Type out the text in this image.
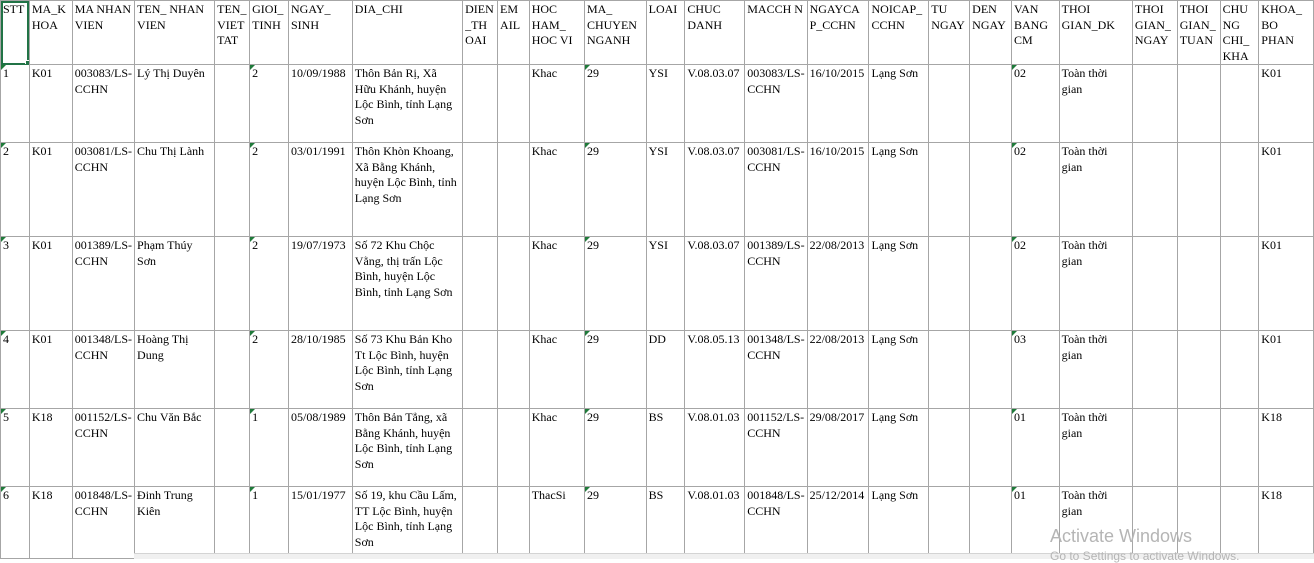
STT	MA_K HOA	MA NHAN VIEN	TEN_ NHAN VIEN	TEN_ VIET TAT	GIOI_ TINH	NGAY_ SINH	DIA_CHI	DIEN _TH OAI	EM AIL	HOC HAM_ HOC VI	MA_ CHUYEN NGANH	LOAI	CHUC DANH	MACCH N	NGAYCA P_CCHN	NOICAP_ CCHN	TU NGAY	DEN NGAY	VAN BANG CM	THOI GIAN_DK	THOI GIAN_ NGAY	THOI GIAN_ TUAN	CHU NG CHI_ KHA	KHOA_ BO PHAN
1	K01	003083/LS-CCHN	Lý Thị Duyên		2	10/09/1988	Thôn Bản Rị, Xã Hữu Khánh, huyện Lộc Bình, tỉnh Lạng Sơn			Khac	29	YSI	V.08.03.07	003083/LS-CCHN	16/10/2015	Lạng Sơn			02	Toàn thời gian				K01
2	K01	003081/LS-CCHN	Chu Thị Lành		2	03/01/1991	Thôn Khòn Khoang, Xã Bằng Khánh, huyện Lộc Bình, tỉnh Lạng Sơn			Khac	29	YSI	V.08.03.07	003081/LS-CCHN	16/10/2015	Lạng Sơn			02	Toàn thời gian				K01
3	K01	001389/LS-CCHN	Phạm Thúy Sơn		2	19/07/1973	Số 72 Khu Chộc Vằng, thị trấn Lộc Bình, huyện Lộc Bình, tỉnh Lạng Sơn			Khac	29	YSI	V.08.03.07	001389/LS-CCHN	22/08/2013	Lạng Sơn			02	Toàn thời gian				K01
4	K01	001348/LS-CCHN	Hoàng Thị Dung		2	28/10/1985	Số 73 Khu Bản Kho Tt Lộc Bình, huyện Lộc Bình, tỉnh Lạng Sơn			Khac	29	DD	V.08.05.13	001348/LS-CCHN	22/08/2013	Lạng Sơn			03	Toàn thời gian				K01
5	K18	001152/LS-CCHN	Chu Văn Bắc		1	05/08/1989	Thôn Bản Tẳng, xã Bằng Khánh, huyện Lộc Bình, tỉnh Lạng Sơn			Khac	29	BS	V.08.01.03	001152/LS-CCHN	29/08/2017	Lạng Sơn			01	Toàn thời gian				K18
6	K18	001848/LS-CCHN	Đinh Trung Kiên		1	15/01/1977	Số 19, khu Cầu Lấm, TT Lộc Bình, huyện Lộc Bình, tỉnh Lạng Sơn			ThacSi	29	BS	V.08.01.03	001848/LS-CCHN	25/12/2014	Lạng Sơn			01	Toàn thời gian				K18
Activate Windows
Go to Settings to activate Windows.
